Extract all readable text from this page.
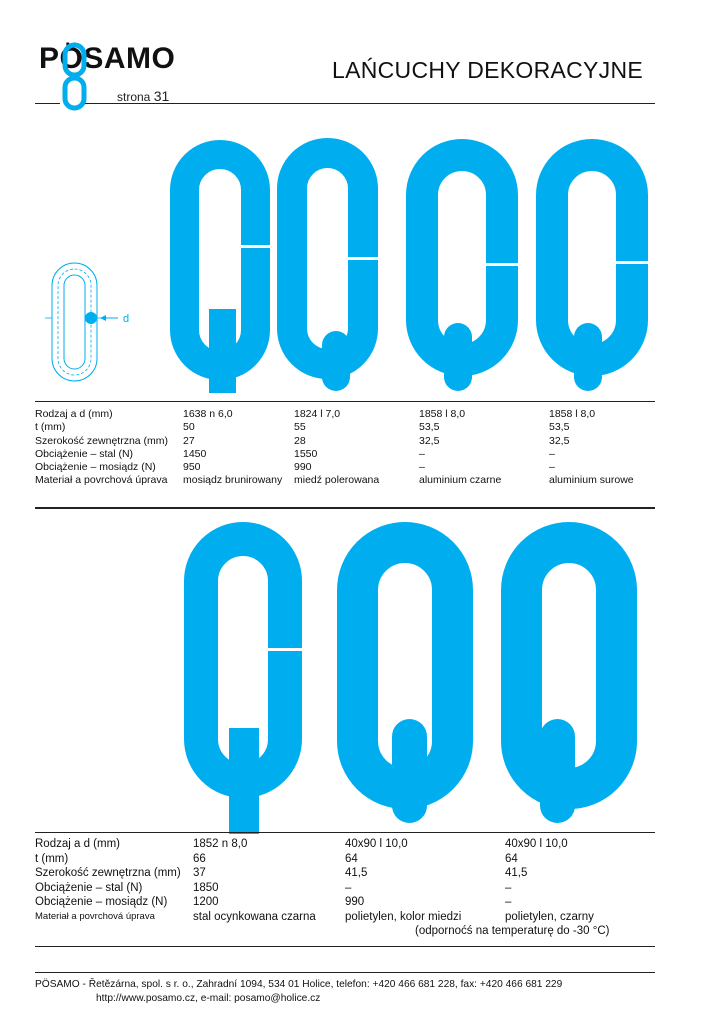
PÖSAMO
strona 31
LAŃCUCHY DEKORACYJNE
d
Rodzaj a d (mm)
t (mm)
Szerokość zewnętrzna (mm)
Obciążenie – stal (N)
Obciążenie – mosiądz (N)
Materiał a povrchová úprava
1638 n 6,0
50
27
1450
950
mosiądz brunirowany
1824 l 7,0
55
28
1550
990
miedź polerowana
1858 l 8,0
53,5
32,5
–
–
aluminium czarne
1858 l 8,0
53,5
32,5
–
–
aluminium surowe
Rodzaj a d (mm)
t (mm)
Szerokość zewnętrzna (mm)
Obciążenie – stal (N)
Obciążenie – mosiądz (N)
Materiał a povrchová úprava
1852 n 8,0
66
37
1850
1200
stal ocynkowana czarna
40x90 l 10,0
64
41,5
–
990
polietylen, kolor miedzi
40x90 l 10,0
64
41,5
–
–
polietylen, czarny
(odpornoćś na temperaturę do -30 °C)
PÖSAMO - Řetězárna, spol. s r. o., Zahradní 1094, 534 01 Holice, telefon: +420 466 681 228, fax: +420 466 681 229
http://www.posamo.cz, e-mail: posamo@holice.cz
